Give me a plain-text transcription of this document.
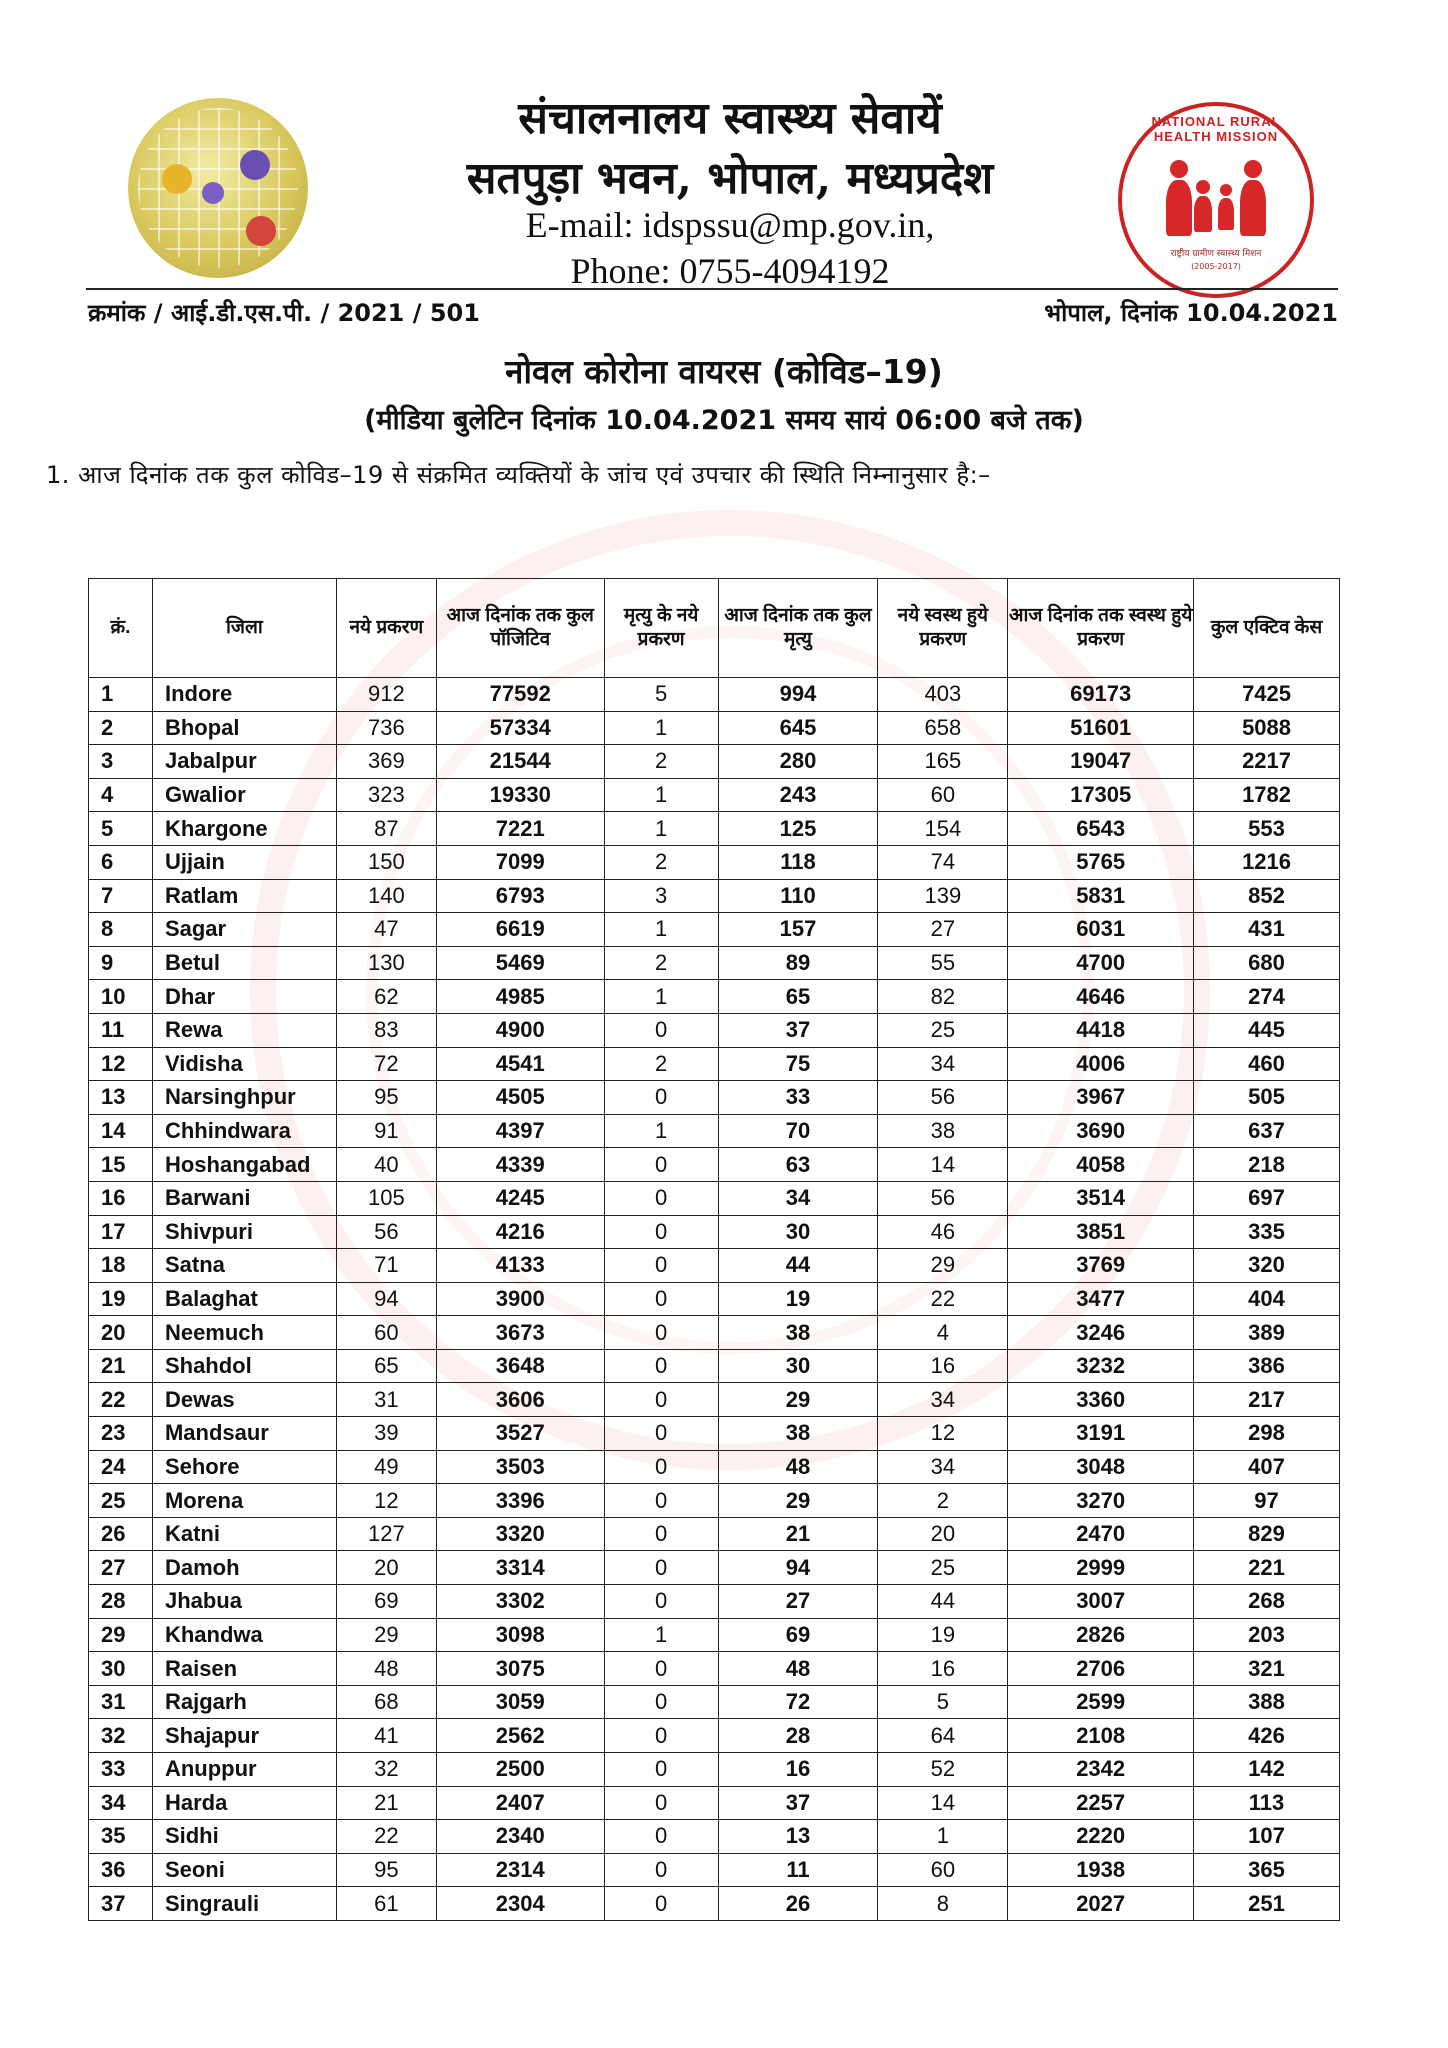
संचालनालय स्वास्थ्य सेवायें
सतपुड़ा भवन, भोपाल, मध्यप्रदेश
E-mail: idspssu@mp.gov.in,
Phone: 0755-4094192
NATIONAL RURAL HEALTH MISSION
राष्ट्रीय ग्रामीण स्वास्थ्य मिशन
(2005-2017)
क्रमांक / आई.डी.एस.पी. / 2021 / 501	भोपाल, दिनांक 10.04.2021
नोवल कोरोना वायरस (कोविड–19)
(मीडिया बुलेटिन दिनांक 10.04.2021 समय सायं 06:00 बजे तक)
1. आज दिनांक तक कुल कोविड–19 से संक्रमित व्यक्तियों के जांच एवं उपचार की स्थिति निम्नानुसार है:–
क्रं.	जिला	नये प्रकरण	आज दिनांक तक कुल पॉजिटिव	मृत्यु के नये प्रकरण	आज दिनांक तक कुल मृत्यु	नये स्वस्थ हुये प्रकरण	आज दिनांक तक स्वस्थ हुये प्रकरण	कुल एक्टिव केस
1	Indore	912	77592	5	994	403	69173	7425
2	Bhopal	736	57334	1	645	658	51601	5088
3	Jabalpur	369	21544	2	280	165	19047	2217
4	Gwalior	323	19330	1	243	60	17305	1782
5	Khargone	87	7221	1	125	154	6543	553
6	Ujjain	150	7099	2	118	74	5765	1216
7	Ratlam	140	6793	3	110	139	5831	852
8	Sagar	47	6619	1	157	27	6031	431
9	Betul	130	5469	2	89	55	4700	680
10	Dhar	62	4985	1	65	82	4646	274
11	Rewa	83	4900	0	37	25	4418	445
12	Vidisha	72	4541	2	75	34	4006	460
13	Narsinghpur	95	4505	0	33	56	3967	505
14	Chhindwara	91	4397	1	70	38	3690	637
15	Hoshangabad	40	4339	0	63	14	4058	218
16	Barwani	105	4245	0	34	56	3514	697
17	Shivpuri	56	4216	0	30	46	3851	335
18	Satna	71	4133	0	44	29	3769	320
19	Balaghat	94	3900	0	19	22	3477	404
20	Neemuch	60	3673	0	38	4	3246	389
21	Shahdol	65	3648	0	30	16	3232	386
22	Dewas	31	3606	0	29	34	3360	217
23	Mandsaur	39	3527	0	38	12	3191	298
24	Sehore	49	3503	0	48	34	3048	407
25	Morena	12	3396	0	29	2	3270	97
26	Katni	127	3320	0	21	20	2470	829
27	Damoh	20	3314	0	94	25	2999	221
28	Jhabua	69	3302	0	27	44	3007	268
29	Khandwa	29	3098	1	69	19	2826	203
30	Raisen	48	3075	0	48	16	2706	321
31	Rajgarh	68	3059	0	72	5	2599	388
32	Shajapur	41	2562	0	28	64	2108	426
33	Anuppur	32	2500	0	16	52	2342	142
34	Harda	21	2407	0	37	14	2257	113
35	Sidhi	22	2340	0	13	1	2220	107
36	Seoni	95	2314	0	11	60	1938	365
37	Singrauli	61	2304	0	26	8	2027	251
